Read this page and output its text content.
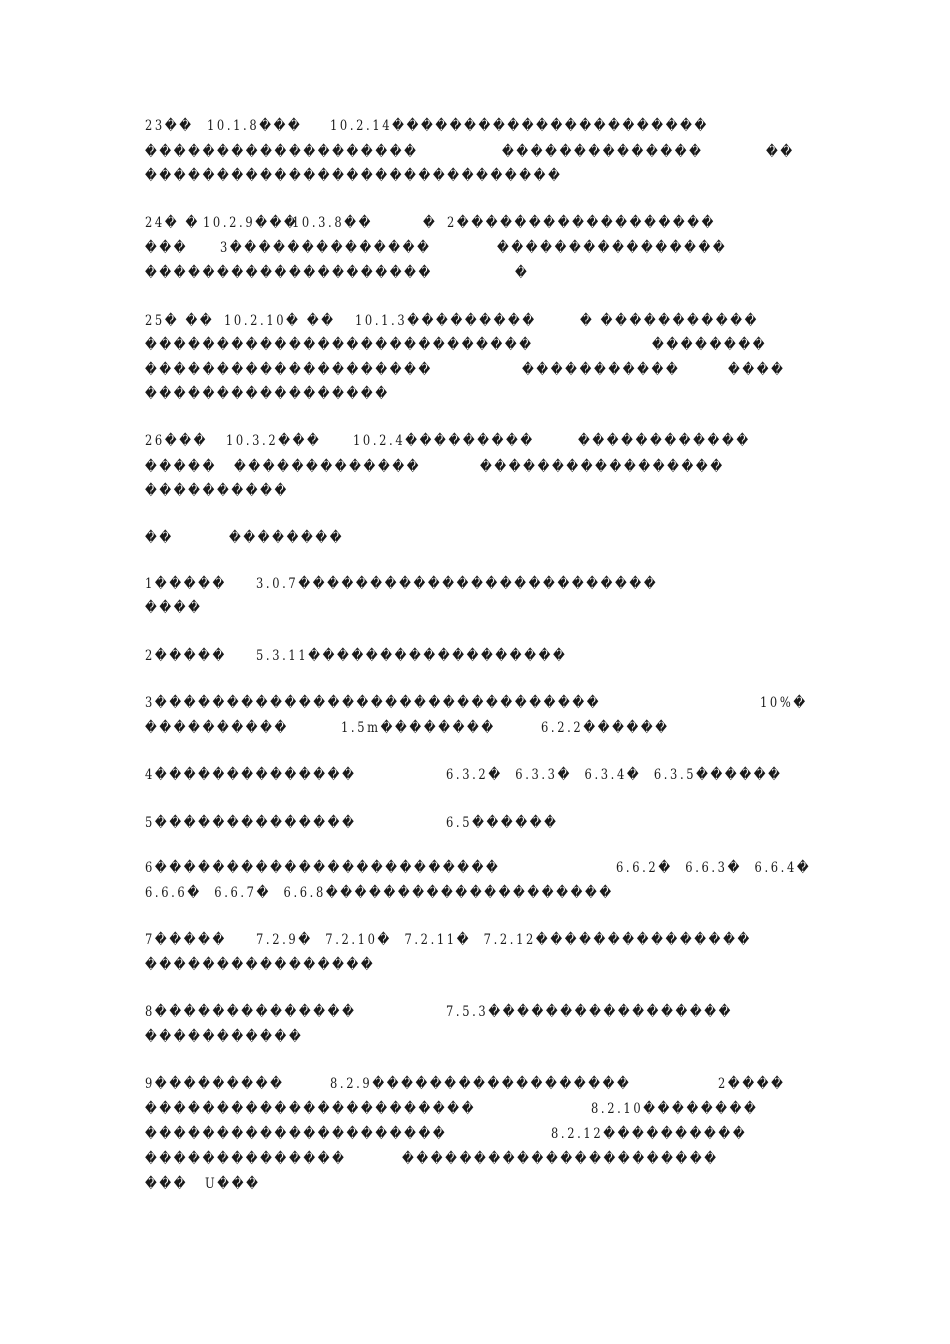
23�� 10.1.8��� 10.2.14����������������������
�������������������	��������������	��
�����������������������������
24� � 10.2.9���
10.3.8��	� 2������������������
��� 3��������������	����������������
��������������������	�
25� �� 10.2.10� �� 10.1.3���������	� �����������
���������������������������	��������
��������������������	�����������	����
�����������������
26��� 10.3.2��� 10.2.4���������	������������
����� �������������	�����������������
����������
��	��������
1����� 3.0.7�������������������������
����
2����� 5.3.11������������������
3�������������������������������	10%�
����������	1.5m��������	6.2.2������
4��������������	6.3.2�  6.3.3�  6.3.4�  6.3.5������
5��������������	6.5������
6������������������������	6.6.2�  6.6.3�  6.6.4�
6.6.6�  6.6.7�  6.6.8��������������������
7����� 7.2.9�  7.2.10�  7.2.11�  7.2.12���������������
����������������
8��������������	7.5.3�����������������
�����������
9���������	8.2.9������������������	2����
�����������������������	8.2.10��������
���������������������	8.2.12����������
��������������	����������������������
��� U���
